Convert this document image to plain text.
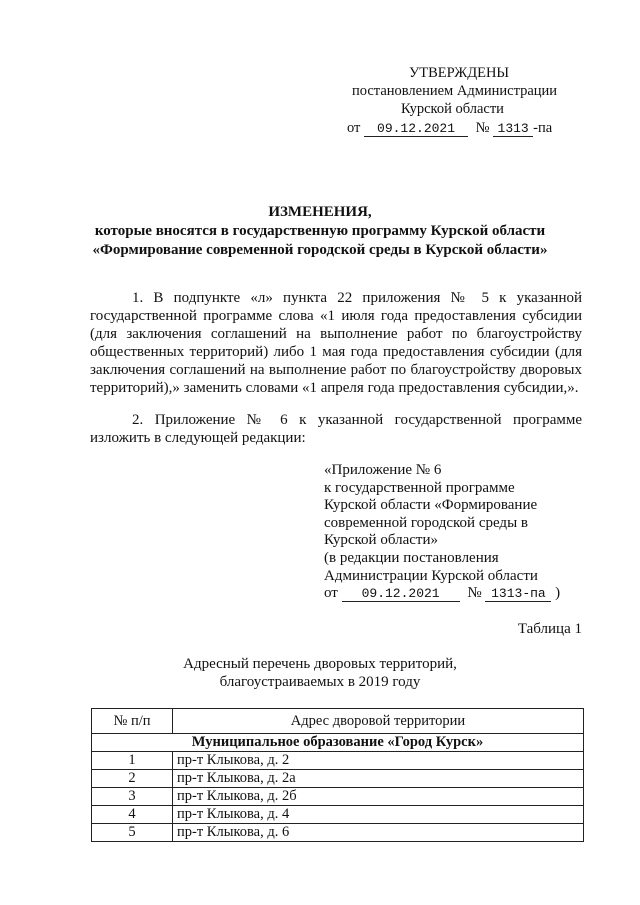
УТВЕРЖДЕНЫ
постановлением Администрации
Курской области
от 09.12.2021 № 1313 -па
ИЗМЕНЕНИЯ,
которые вносятся в государственную программу Курской области
«Формирование современной городской среды в Курской области»
1. В подпункте «л» пункта 22 приложения № 5 к указанной государственной программе слова «1 июля года предоставления субсидии (для заключения соглашений на выполнение работ по благоустройству общественных территорий) либо 1 мая года предоставления субсидии (для заключения соглашений на выполнение работ по благоустройству дворовых территорий),» заменить словами «1 апреля года предоставления субсидии,».
2. Приложение № 6 к указанной государственной программе изложить в следующей редакции:
«Приложение № 6
к государственной программе
Курской области «Формирование
современной городской среды в
Курской области»
(в редакции постановления
Администрации Курской области
от 09.12.2021 № 1313-па )
Таблица 1
Адресный перечень дворовых территорий,
благоустраиваемых в 2019 году
№ п/п	Адрес дворовой территории
Муниципальное образование «Город Курск»	
1	пр-т Клыкова, д. 2
2	пр-т Клыкова, д. 2а
3	пр-т Клыкова, д. 2б
4	пр-т Клыкова, д. 4
5	пр-т Клыкова, д. 6
